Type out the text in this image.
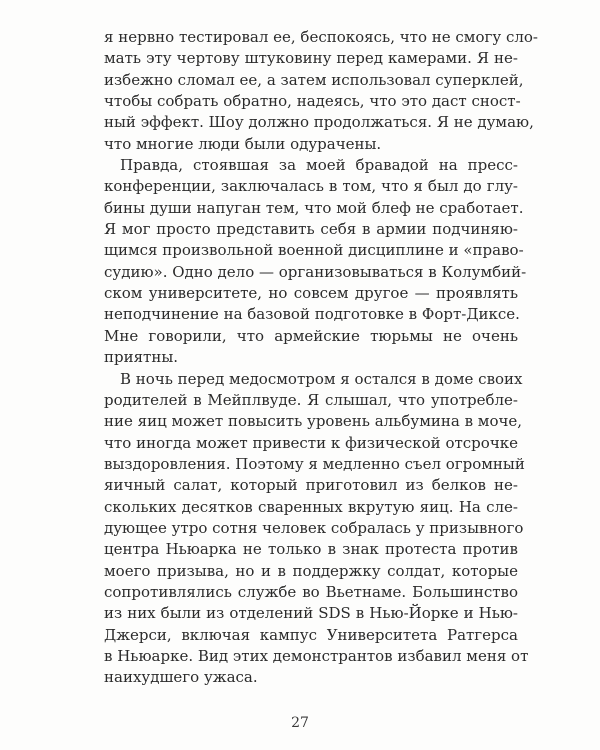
я нервно тестировал ее, беспокоясь, что не смогу сло-
мать эту чертову штуковину перед камерами. Я не-
избежно сломал ее, а затем использовал суперклей,
чтобы собрать обратно, надеясь, что это даст сност-
ный эффект. Шоу должно продолжаться. Я не думаю,
что многие люди были одурачены.
Правда, стоявшая за моей бравадой на пресс-
конференции, заключалась в том, что я был до глу-
бины души напуган тем, что мой блеф не сработает.
Я мог просто представить себя в армии подчиняю-
щимся произвольной военной дисциплине и «право-
судию». Одно дело — организовываться в Колумбий-
ском университете, но совсем другое — проявлять
неподчинение на базовой подготовке в Форт-Диксе.
Мне говорили, что армейские тюрьмы не очень
приятны.
В ночь перед медосмотром я остался в доме своих
родителей в Мейплвуде. Я слышал, что употребле-
ние яиц может повысить уровень альбумина в моче,
что иногда может привести к физической отсрочке
выздоровления. Поэтому я медленно съел огромный
яичный салат, который приготовил из белков не-
скольких десятков сваренных вкрутую яиц. На сле-
дующее утро сотня человек собралась у призывного
центра Ньюарка не только в знак протеста против
моего призыва, но и в поддержку солдат, которые
сопротивлялись службе во Вьетнаме. Большинство
из них были из отделений SDS в Нью-Йорке и Нью-
Джерси, включая кампус Университета Ратгерса
в Ньюарке. Вид этих демонстрантов избавил меня от
наихудшего ужаса.
27
